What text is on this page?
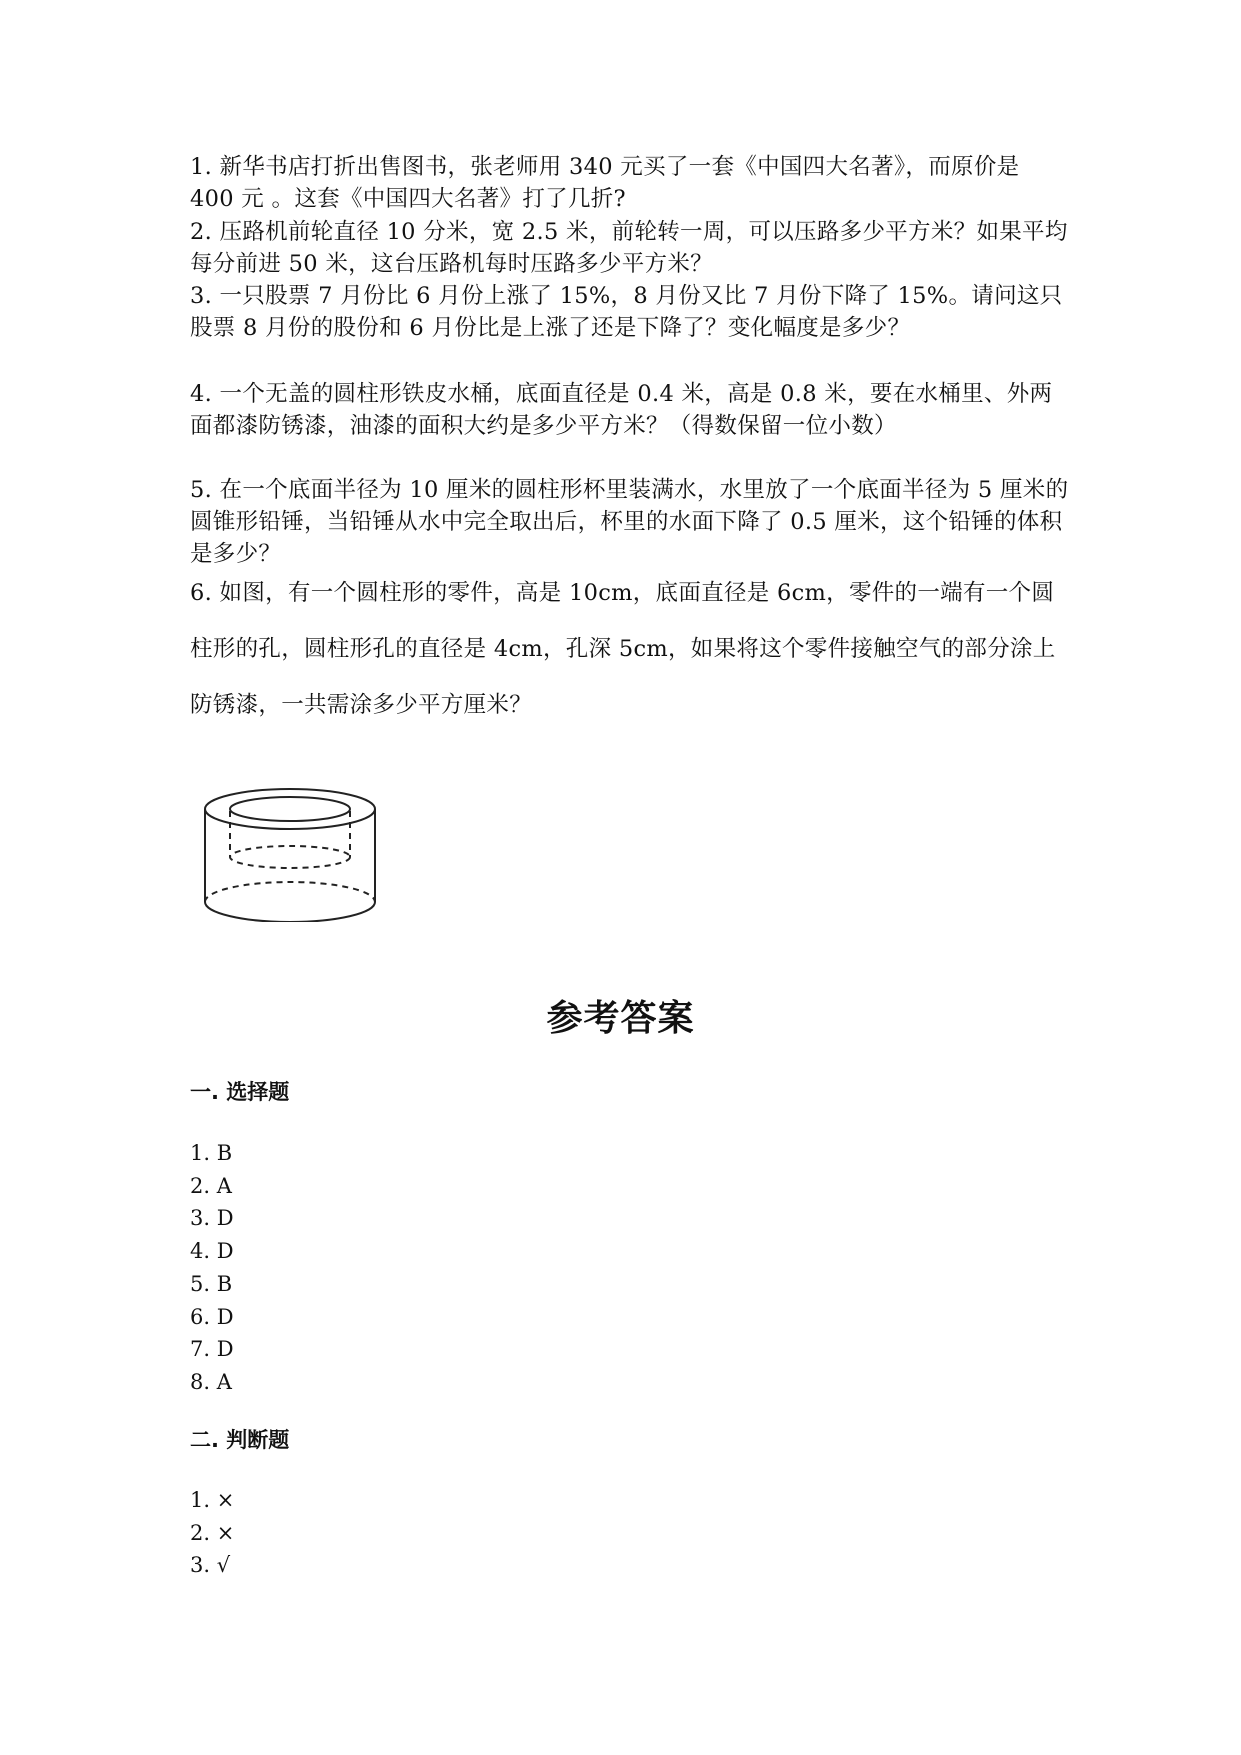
1. 新华书店打折出售图书，张老师用 340 元买了一套《中国四大名著》，而原价是 400 元 。这套《中国四大名著》打了几折?

2. 压路机前轮直径 10 分米，宽 2.5 米，前轮转一周，可以压路多少平方米？如果平均每分前进 50 米，这台压路机每时压路多少平方米？

3. 一只股票 7 月份比 6 月份上涨了 15%，8 月份又比 7 月份下降了 15%。请问这只股票 8 月份的股份和 6 月份比是上涨了还是下降了？变化幅度是多少？

4. 一个无盖的圆柱形铁皮水桶，底面直径是 0.4 米，高是 0.8 米，要在水桶里、外两面都漆防锈漆，油漆的面积大约是多少平方米？（得数保留一位小数）

5. 在一个底面半径为 10 厘米的圆柱形杯里装满水，水里放了一个底面半径为 5 厘米的圆锥形铅锤，当铅锤从水中完全取出后，杯里的水面下降了 0.5 厘米，这个铅锤的体积是多少？

6. 如图，有一个圆柱形的零件，高是 10cm，底面直径是 6cm，零件的一端有一个圆柱形的孔，圆柱形孔的直径是 4cm，孔深 5cm，如果将这个零件接触空气的部分涂上防锈漆，一共需涂多少平方厘米？

参考答案
一. 选择题
1. B
2. A
3. D
4. D
5. B
6. D
7. D
8. A
二. 判断题
1. ×
2. ×
3. √
